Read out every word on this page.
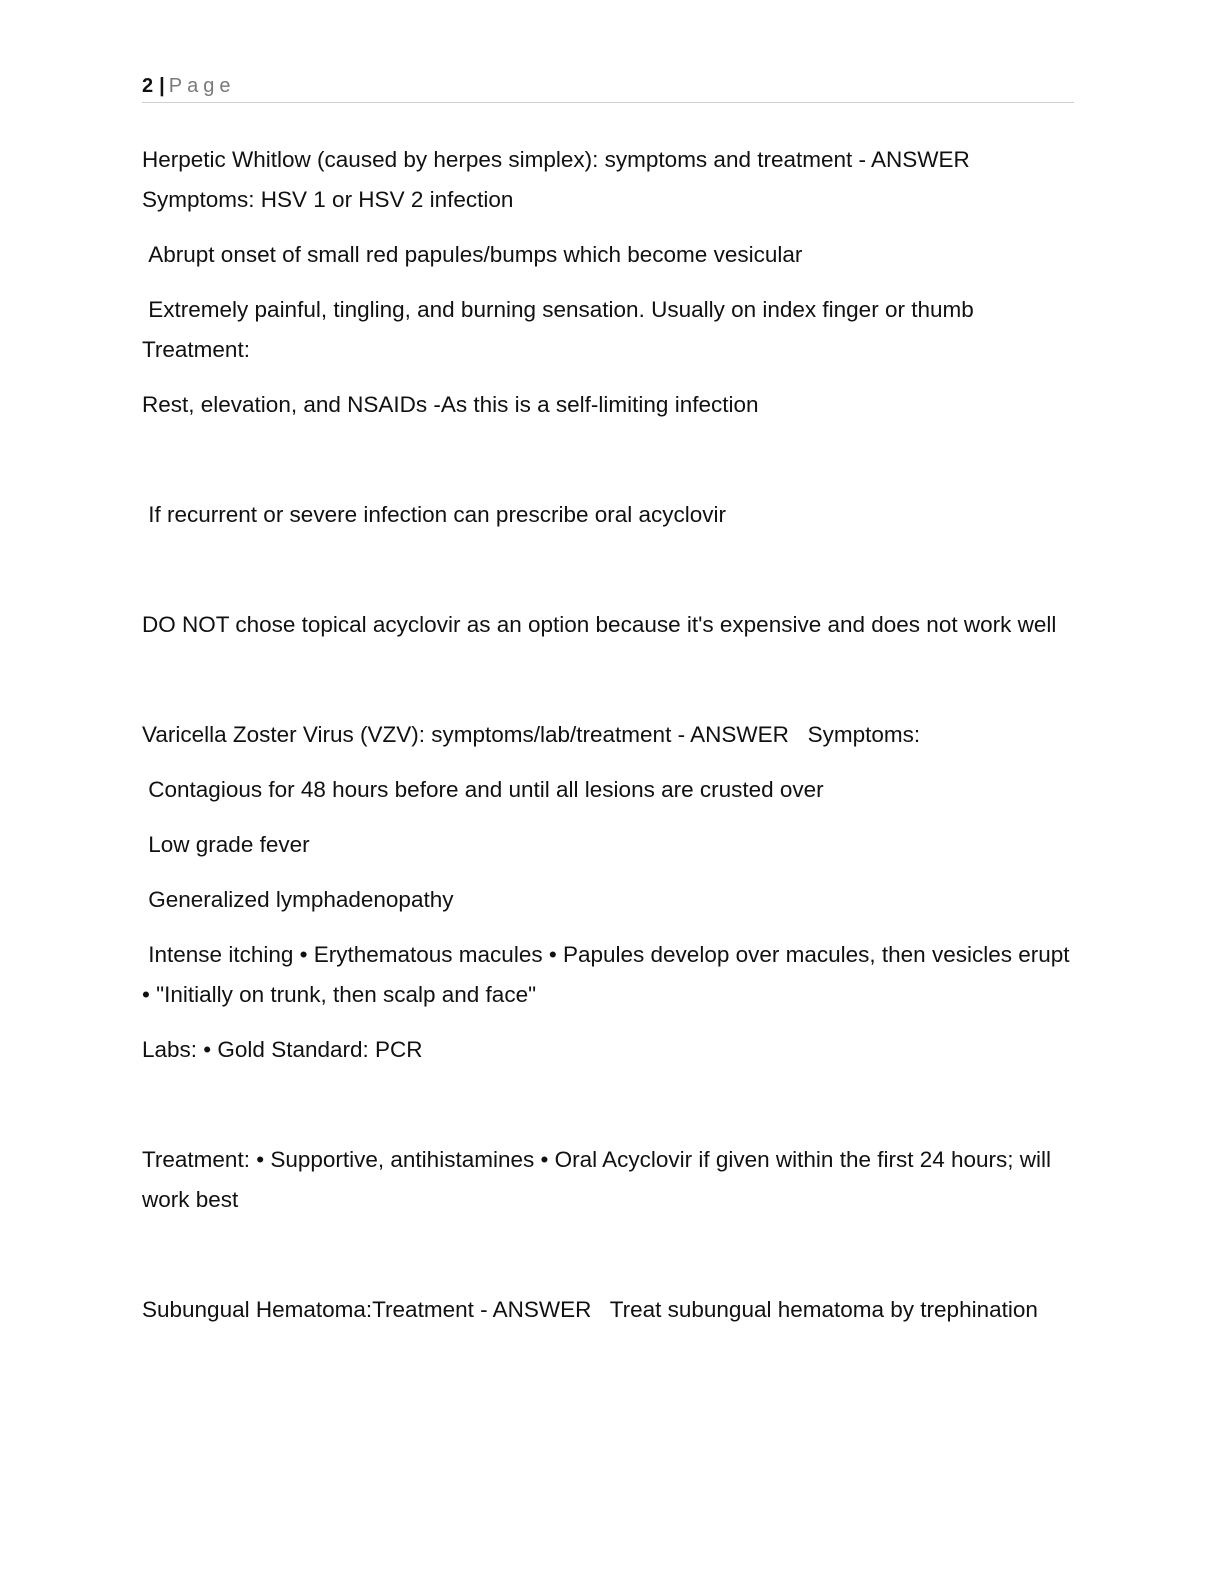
2 | Page

Herpetic Whitlow (caused by herpes simplex): symptoms and treatment - ANSWER   Symptoms: HSV 1 or HSV 2 infection

Abrupt onset of small red papules/bumps which become vesicular

Extremely painful, tingling, and burning sensation. Usually on index finger or thumb Treatment:

Rest, elevation, and NSAIDs -As this is a self-limiting infection

If recurrent or severe infection can prescribe oral acyclovir

DO NOT chose topical acyclovir as an option because it's expensive and does not work well

Varicella Zoster Virus (VZV): symptoms/lab/treatment - ANSWER   Symptoms:

Contagious for 48 hours before and until all lesions are crusted over

Low grade fever

Generalized lymphadenopathy

Intense itching • Erythematous macules • Papules develop over macules, then vesicles erupt • "Initially on trunk, then scalp and face"

Labs: • Gold Standard: PCR

Treatment: • Supportive, antihistamines • Oral Acyclovir if given within the first 24 hours; will work best

Subungual Hematoma:Treatment - ANSWER   Treat subungual hematoma by trephination
